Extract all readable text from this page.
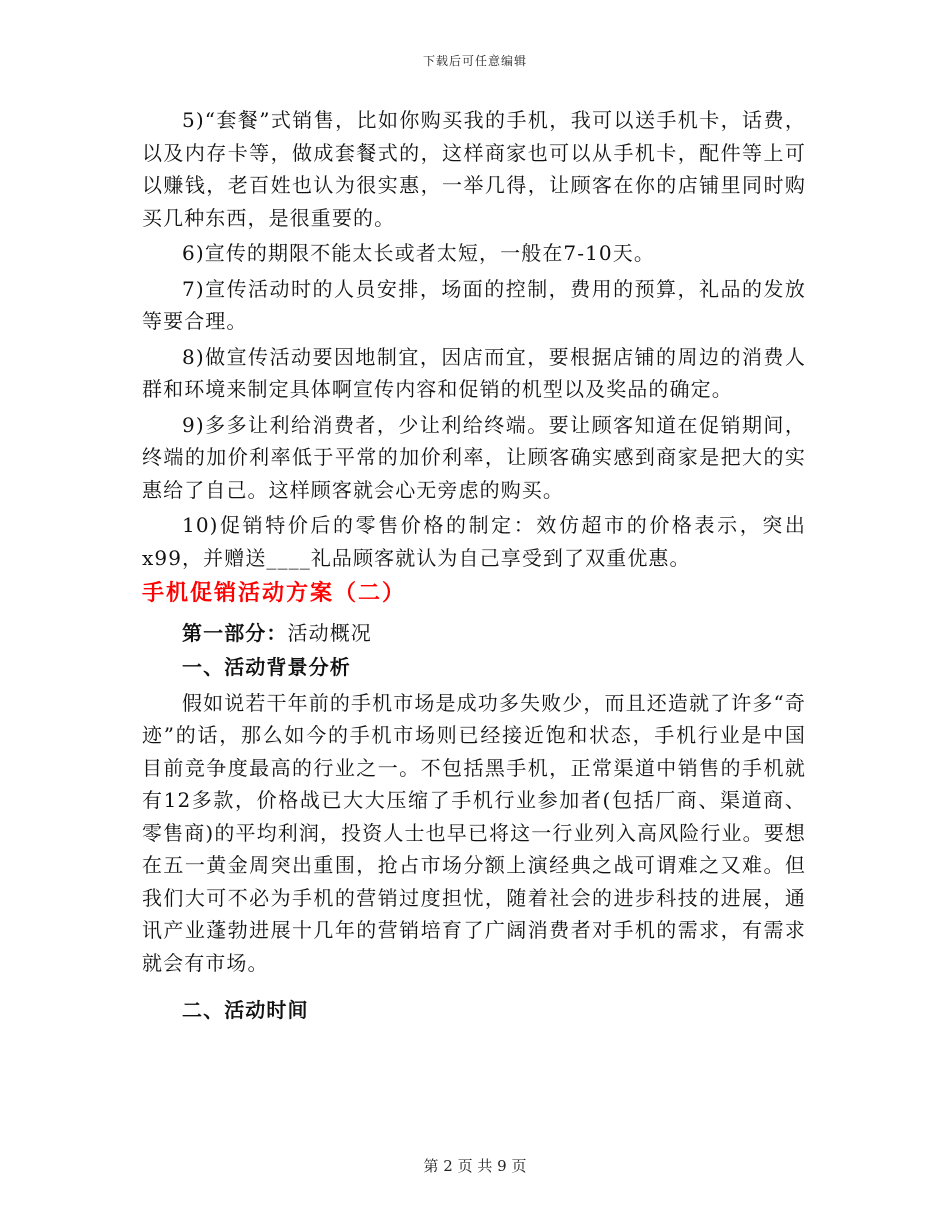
下载后可任意编辑

5)“套餐”式销售，比如你购买我的手机，我可以送手机卡，话费，以及内存卡等，做成套餐式的，这样商家也可以从手机卡，配件等上可以赚钱，老百姓也认为很实惠，一举几得，让顾客在你的店铺里同时购买几种东西，是很重要的。

6)宣传的期限不能太长或者太短，一般在7-10天。

7)宣传活动时的人员安排，场面的控制，费用的预算，礼品的发放等要合理。

8)做宣传活动要因地制宜，因店而宜，要根据店铺的周边的消费人群和环境来制定具体啊宣传内容和促销的机型以及奖品的确定。

9)多多让利给消费者，少让利给终端。要让顾客知道在促销期间，终端的加价利率低于平常的加价利率，让顾客确实感到商家是把大的实惠给了自己。这样顾客就会心无旁虑的购买。

10)促销特价后的零售价格的制定：效仿超市的价格表示，突出x99，并赠送____礼品顾客就认为自己享受到了双重优惠。

手机促销活动方案（二）

第一部分：活动概况

一、活动背景分析

假如说若干年前的手机市场是成功多失败少，而且还造就了许多“奇迹”的话，那么如今的手机市场则已经接近饱和状态，手机行业是中国目前竞争度最高的行业之一。不包括黑手机，正常渠道中销售的手机就有12多款，价格战已大大压缩了手机行业参加者(包括厂商、渠道商、零售商)的平均利润，投资人士也早已将这一行业列入高风险行业。要想在五一黄金周突出重围，抢占市场分额上演经典之战可谓难之又难。但我们大可不必为手机的营销过度担忧，随着社会的进步科技的进展，通讯产业蓬勃进展十几年的营销培育了广阔消费者对手机的需求，有需求就会有市场。

二、活动时间

第 2 页 共 9 页
